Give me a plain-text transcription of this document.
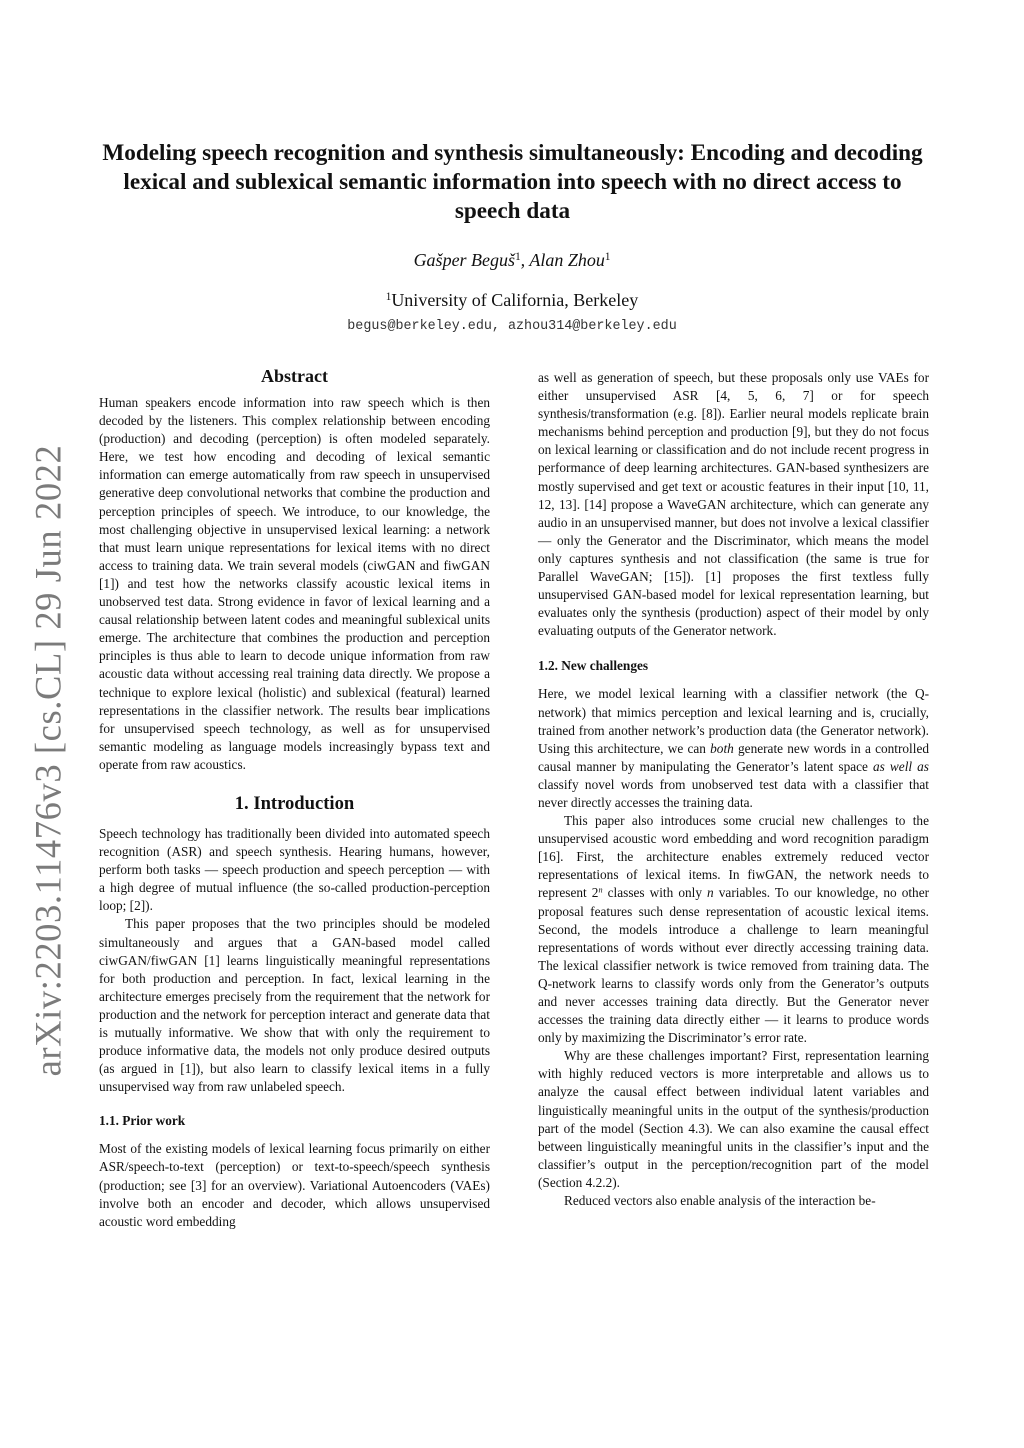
arXiv:2203.11476v3 [cs.CL] 29 Jun 2022
Modeling speech recognition and synthesis simultaneously: Encoding and decoding lexical and sublexical semantic information into speech with no direct access to speech data
Gašper Beguš$^1$, Alan Zhou$^1$
$^1$University of California, Berkeley
begus@berkeley.edu, azhou314@berkeley.edu
Abstract

Human speakers encode information into raw speech which is then decoded by the listeners. This complex relationship between encoding (production) and decoding (perception) is often modeled separately. Here, we test how encoding and decoding of lexical semantic information can emerge automatically from raw speech in unsupervised generative deep convolutional networks that combine the production and perception principles of speech. We introduce, to our knowledge, the most challenging objective in unsupervised lexical learning: a network that must learn unique representations for lexical items with no direct access to training data. We train several models (ciwGAN and fiwGAN [1]) and test how the networks classify acoustic lexical items in unobserved test data. Strong evidence in favor of lexical learning and a causal relationship between latent codes and meaningful sublexical units emerge. The architecture that combines the production and perception principles is thus able to learn to decode unique information from raw acoustic data without accessing real training data directly. We propose a technique to explore lexical (holistic) and sublexical (featural) learned representations in the classifier network. The results bear implications for unsupervised speech technology, as well as for unsupervised semantic modeling as language models increasingly bypass text and operate from raw acoustics.

1. Introduction

Speech technology has traditionally been divided into automated speech recognition (ASR) and speech synthesis. Hearing humans, however, perform both tasks — speech production and speech perception — with a high degree of mutual influence (the so-called production-perception loop; [2]).

This paper proposes that the two principles should be modeled simultaneously and argues that a GAN-based model called ciwGAN/fiwGAN [1] learns linguistically meaningful representations for both production and perception. In fact, lexical learning in the architecture emerges precisely from the requirement that the network for production and the network for perception interact and generate data that is mutually informative. We show that with only the requirement to produce informative data, the models not only produce desired outputs (as argued in [1]), but also learn to classify lexical items in a fully unsupervised way from raw unlabeled speech.

1.1. Prior work

Most of the existing models of lexical learning focus primarily on either ASR/speech-to-text (perception) or text-to-speech/speech synthesis (production; see [3] for an overview). Variational Autoencoders (VAEs) involve both an encoder and decoder, which allows unsupervised acoustic word embedding

as well as generation of speech, but these proposals only use VAEs for either unsupervised ASR [4, 5, 6, 7] or for speech synthesis/transformation (e.g. [8]). Earlier neural models replicate brain mechanisms behind perception and production [9], but they do not focus on lexical learning or classification and do not include recent progress in performance of deep learning architectures. GAN-based synthesizers are mostly supervised and get text or acoustic features in their input [10, 11, 12, 13]. [14] propose a WaveGAN architecture, which can generate any audio in an unsupervised manner, but does not involve a lexical classifier — only the Generator and the Discriminator, which means the model only captures synthesis and not classification (the same is true for Parallel WaveGAN; [15]). [1] proposes the first textless fully unsupervised GAN-based model for lexical representation learning, but evaluates only the synthesis (production) aspect of their model by only evaluating outputs of the Generator network.

1.2. New challenges

Here, we model lexical learning with a classifier network (the Q-network) that mimics perception and lexical learning and is, crucially, trained from another network’s production data (the Generator network). Using this architecture, we can both generate new words in a controlled causal manner by manipulating the Generator’s latent space as well as classify novel words from unobserved test data with a classifier that never directly accesses the training data.

This paper also introduces some crucial new challenges to the unsupervised acoustic word embedding and word recognition paradigm [16]. First, the architecture enables extremely reduced vector representations of lexical items. In fiwGAN, the network needs to represent 2$^n$ classes with only n variables. To our knowledge, no other proposal features such dense representation of acoustic lexical items. Second, the models introduce a challenge to learn meaningful representations of words without ever directly accessing training data. The lexical classifier network is twice removed from training data. The Q-network learns to classify words only from the Generator’s outputs and never accesses training data directly. But the Generator never accesses the training data directly either — it learns to produce words only by maximizing the Discriminator’s error rate.

Why are these challenges important? First, representation learning with highly reduced vectors is more interpretable and allows us to analyze the causal effect between individual latent variables and linguistically meaningful units in the output of the synthesis/production part of the model (Section 4.3). We can also examine the causal effect between linguistically meaningful units in the classifier’s input and the classifier’s output in the perception/recognition part of the model (Section 4.2.2).

Reduced vectors also enable analysis of the interaction be-
